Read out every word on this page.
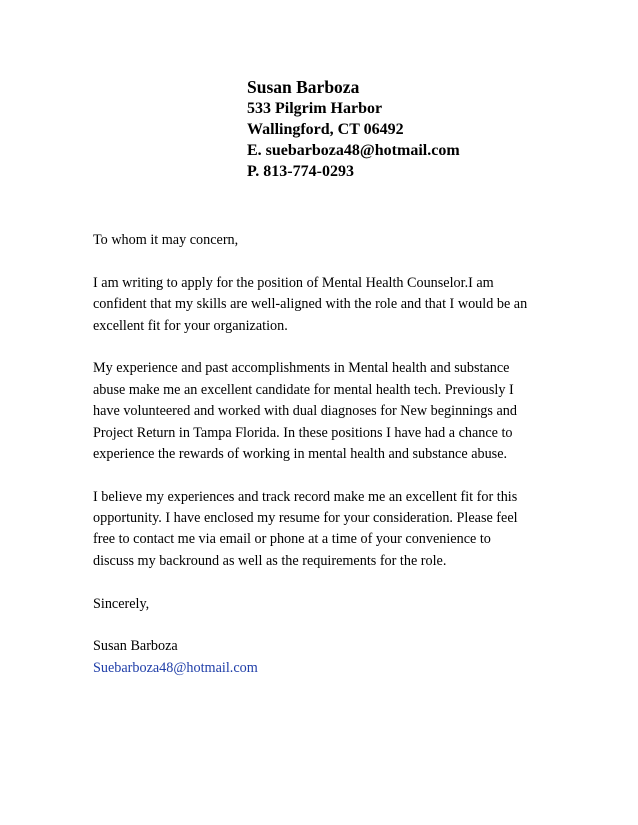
Susan Barboza
533 Pilgrim Harbor
Wallingford, CT 06492
E. suebarboza48@hotmail.com
P. 813-774-0293
To whom it may concern,
I am writing to apply for the position of Mental Health Counselor.I am
confident that my skills are well-aligned with the role and that I would be an
excellent fit for your organization.
My experience and past accomplishments in Mental health and substance
abuse make me an excellent candidate for mental health tech. Previously I
have volunteered and worked with dual diagnoses for New beginnings and
Project Return in Tampa Florida. In these positions I have had a chance to
experience the rewards of working in mental health and substance abuse.
I believe my experiences and track record make me an excellent fit for this
opportunity. I have enclosed my resume for your consideration. Please feel
free to contact me via email or phone at a time of your convenience to
discuss my backround as well as the requirements for the role.
Sincerely,
Susan Barboza
Suebarboza48@hotmail.com
